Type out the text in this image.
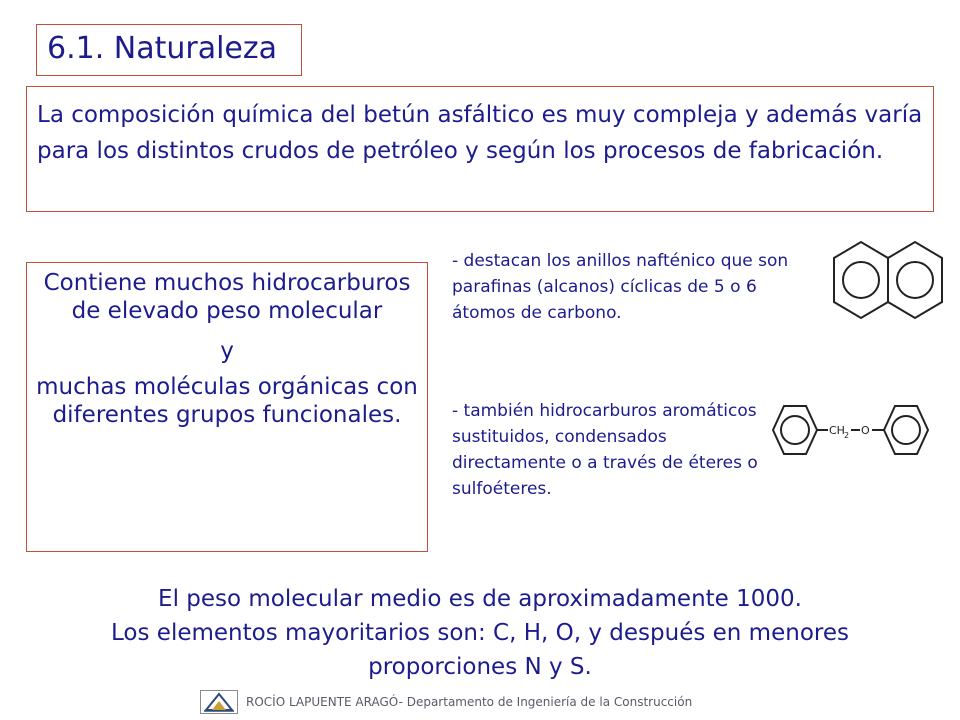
6.1. Naturaleza

La composición química del betún asfáltico es muy compleja y además varía para los distintos crudos de petróleo y según los procesos de fabricación.

Contiene muchos hidrocarburos de elevado peso molecular

y

muchas moléculas orgánicas con diferentes grupos funcionales.

- destacan los anillos nafténico que son parafinas (alcanos) cíclicas de 5 o 6 átomos de carbono.
- también hidrocarburos aromáticos sustituidos, condensados directamente o a través de éteres o sulfoéteres.
CH 2 O

El peso molecular medio es de aproximadamente 1000.

Los elementos mayoritarios son: C, H, O, y después en menores proporciones N y S.

ROCÍO LAPUENTE ARAGÓ- Departamento de Ingeniería de la Construcción
